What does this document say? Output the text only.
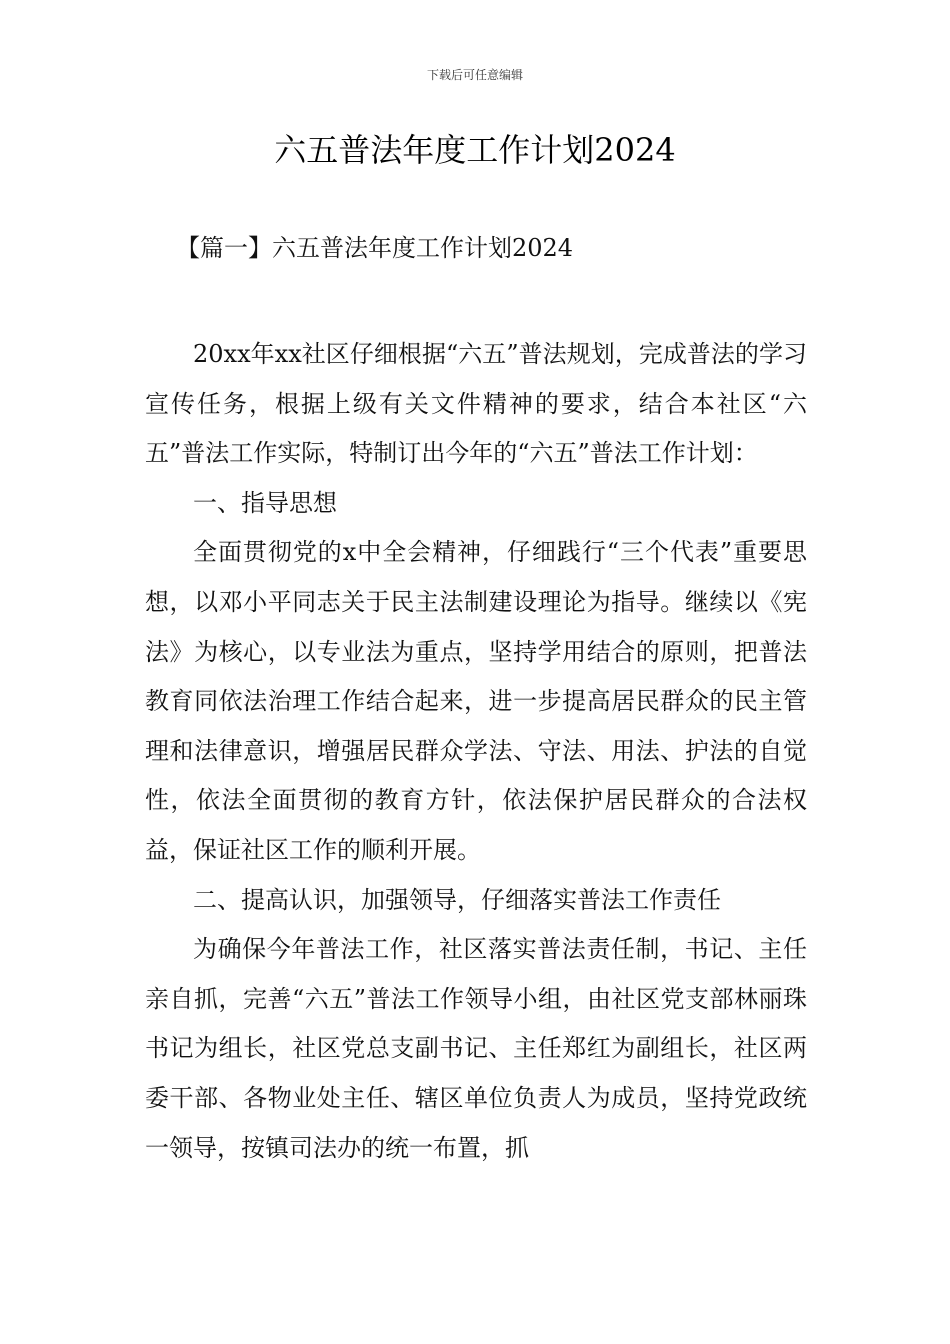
下载后可任意编辑
六五普法年度工作计划2024
【篇一】六五普法年度工作计划2024

20xx年xx社区仔细根据“六五”普法规划，完成普法的学习宣传任务，根据上级有关文件精神的要求，结合本社区“六五”普法工作实际，特制订出今年的“六五”普法工作计划：

一、指导思想

全面贯彻党的x中全会精神，仔细践行“三个代表”重要思想，以邓小平同志关于民主法制建设理论为指导。继续以《宪法》为核心，以专业法为重点，坚持学用结合的原则，把普法教育同依法治理工作结合起来，进一步提高居民群众的民主管理和法律意识，增强居民群众学法、守法、用法、护法的自觉性，依法全面贯彻的教育方针，依法保护居民群众的合法权益，保证社区工作的顺利开展。

二、提高认识，加强领导，仔细落实普法工作责任

为确保今年普法工作，社区落实普法责任制，书记、主任亲自抓，完善“六五”普法工作领导小组，由社区党支部林丽珠书记为组长，社区党总支副书记、主任郑红为副组长，社区两委干部、各物业处主任、辖区单位负责人为成员，坚持党政统一领导，按镇司法办的统一布置，抓
